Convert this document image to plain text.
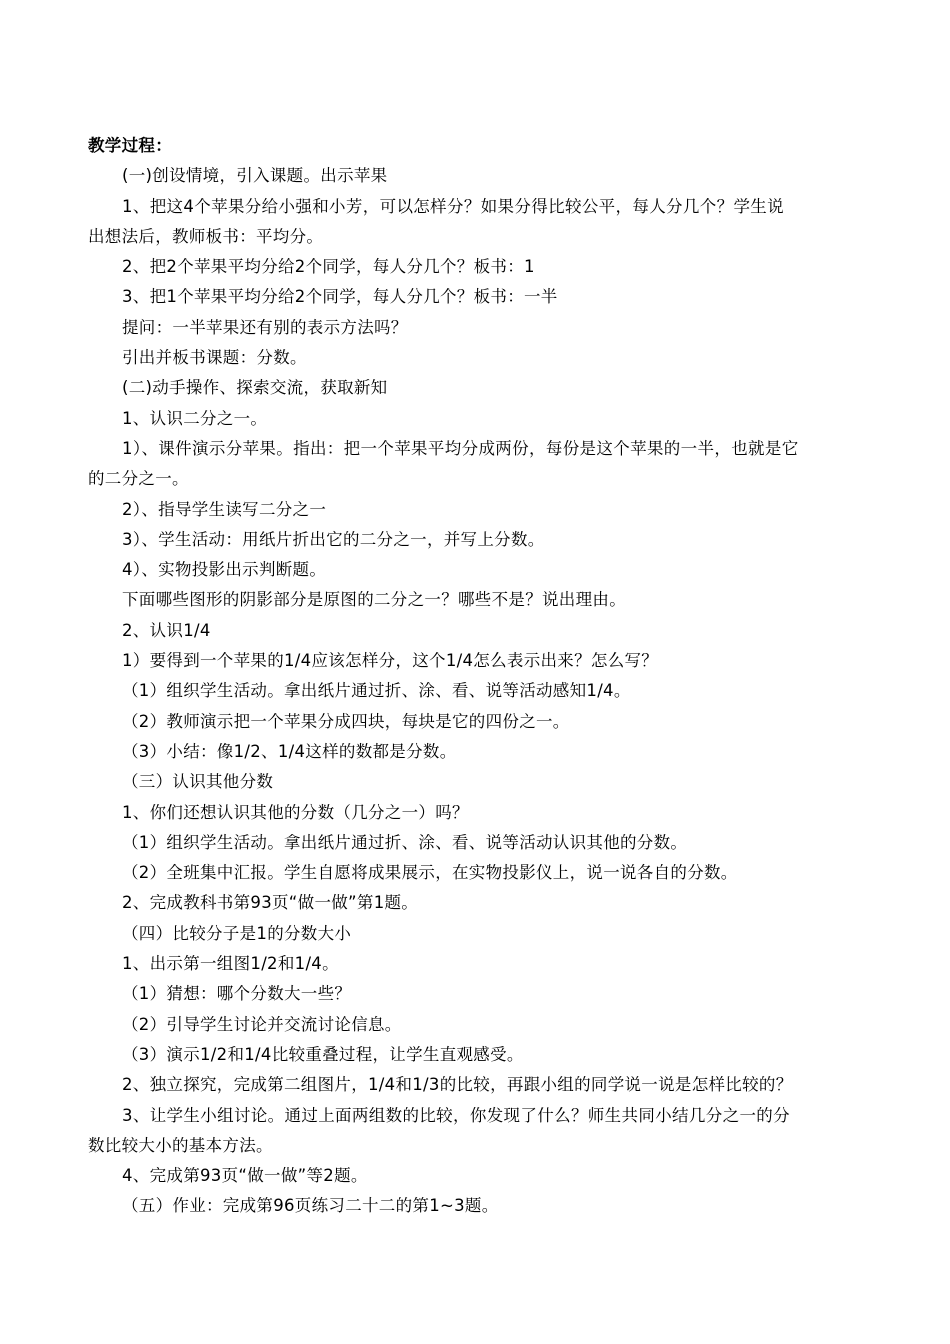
教学过程：
(一)创设情境，引入课题。出示苹果
1、把这4个苹果分给小强和小芳，可以怎样分？如果分得比较公平，每人分几个？学生说
出想法后，教师板书：平均分。
2、把2个苹果平均分给2个同学，每人分几个？板书：1
3、把1个苹果平均分给2个同学，每人分几个？板书：一半
提问：一半苹果还有别的表示方法吗？
引出并板书课题：分数。
(二)动手操作、探索交流，获取新知
1、认识二分之一。
1）、课件演示分苹果。指出：把一个苹果平均分成两份，每份是这个苹果的一半，也就是它
的二分之一。
2）、指导学生读写二分之一
3）、学生活动：用纸片折出它的二分之一，并写上分数。
4）、实物投影出示判断题。
下面哪些图形的阴影部分是原图的二分之一？哪些不是？说出理由。
2、认识1/4
1）要得到一个苹果的1/4应该怎样分，这个1/4怎么表示出来？怎么写？
（1）组织学生活动。拿出纸片通过折、涂、看、说等活动感知1/4。
（2）教师演示把一个苹果分成四块，每块是它的四份之一。
（3）小结：像1/2、1/4这样的数都是分数。
（三）认识其他分数
1、你们还想认识其他的分数（几分之一）吗？
（1）组织学生活动。拿出纸片通过折、涂、看、说等活动认识其他的分数。
（2）全班集中汇报。学生自愿将成果展示，在实物投影仪上，说一说各自的分数。
2、完成教科书第93页“做一做”第1题。
（四）比较分子是1的分数大小
1、出示第一组图1/2和1/4。
（1）猜想：哪个分数大一些？
（2）引导学生讨论并交流讨论信息。
（3）演示1/2和1/4比较重叠过程，让学生直观感受。
2、独立探究，完成第二组图片，1/4和1/3的比较，再跟小组的同学说一说是怎样比较的？
3、让学生小组讨论。通过上面两组数的比较，你发现了什么？师生共同小结几分之一的分
数比较大小的基本方法。
4、完成第93页“做一做”等2题。
（五）作业：完成第96页练习二十二的第1~3题。
